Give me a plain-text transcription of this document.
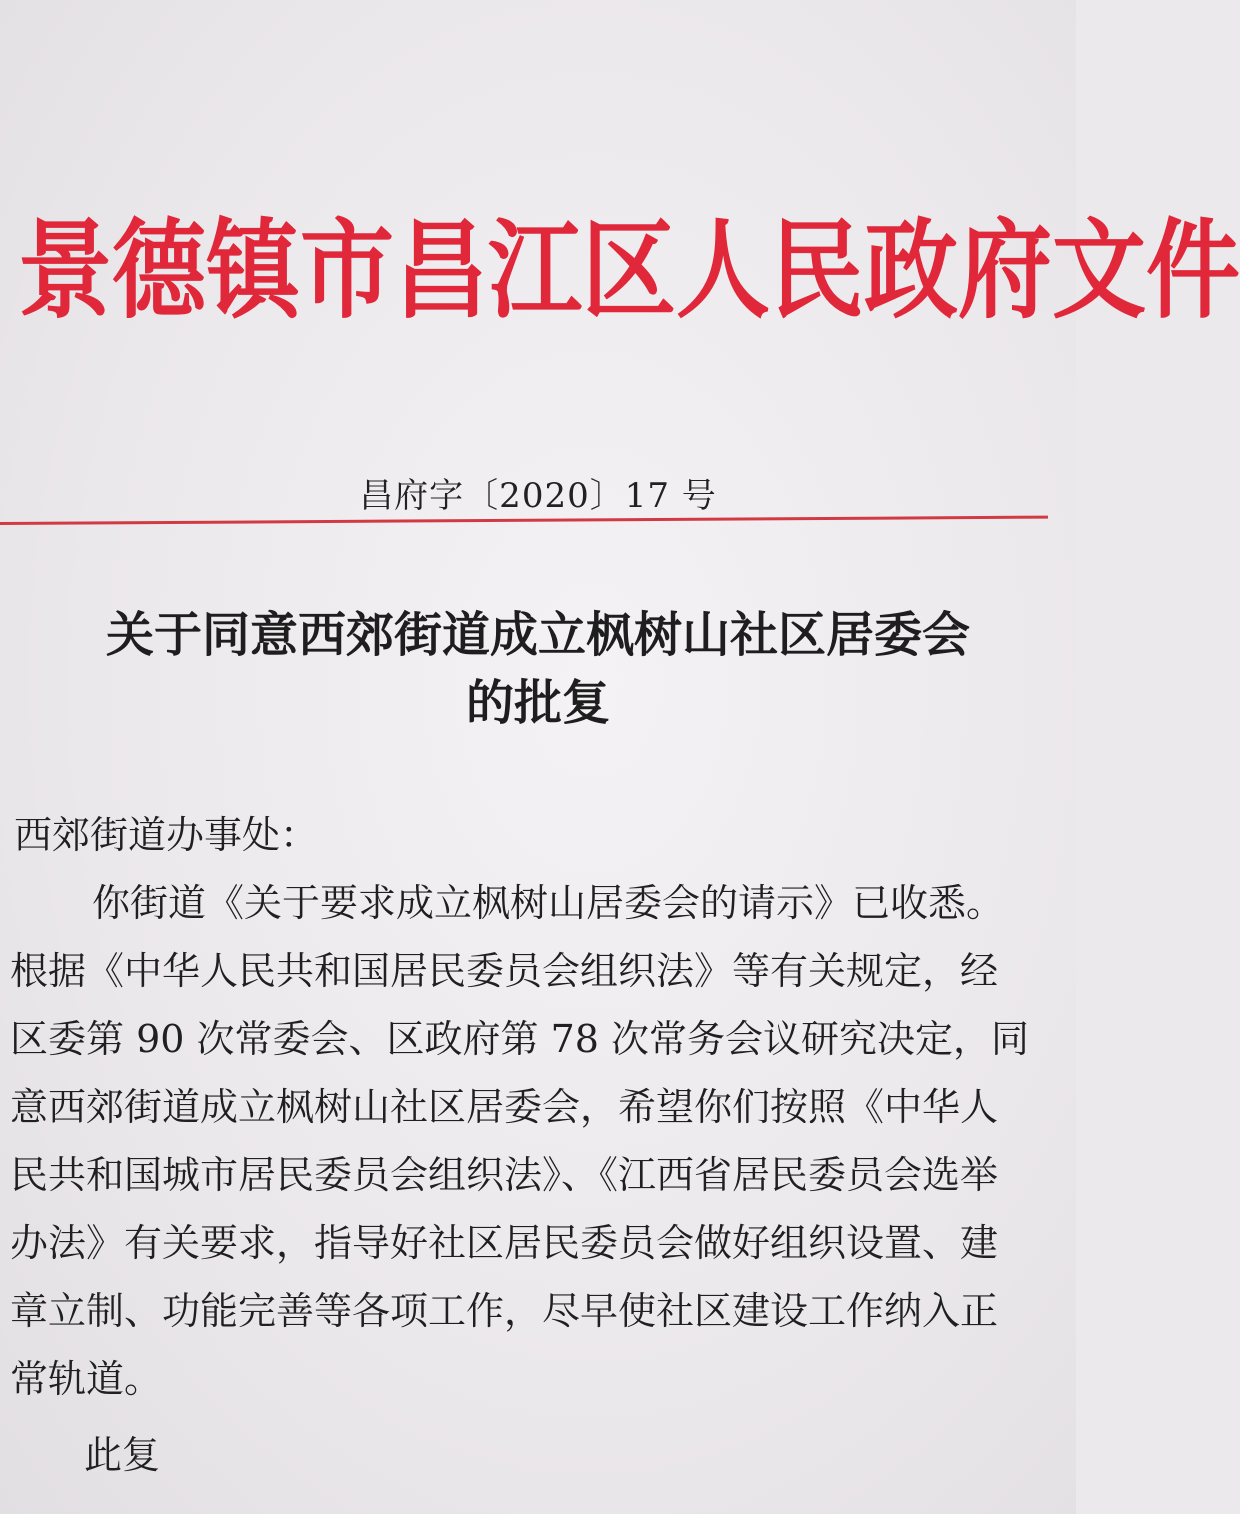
景德镇市昌江区人民政府文件
昌府字〔2020〕17 号
关于同意西郊街道成立枫树山社区居委会
的批复
西郊街道办事处：
你街道《关于要求成立枫树山居委会的请示》已收悉。
根据《中华人民共和国居民委员会组织法》等有关规定，经
区委第 90 次常委会、区政府第 78 次常务会议研究决定，同
意西郊街道成立枫树山社区居委会，希望你们按照《中华人
民共和国城市居民委员会组织法》、《江西省居民委员会选举
办法》有关要求，指导好社区居民委员会做好组织设置、建
章立制、功能完善等各项工作，尽早使社区建设工作纳入正
常轨道。
此复
